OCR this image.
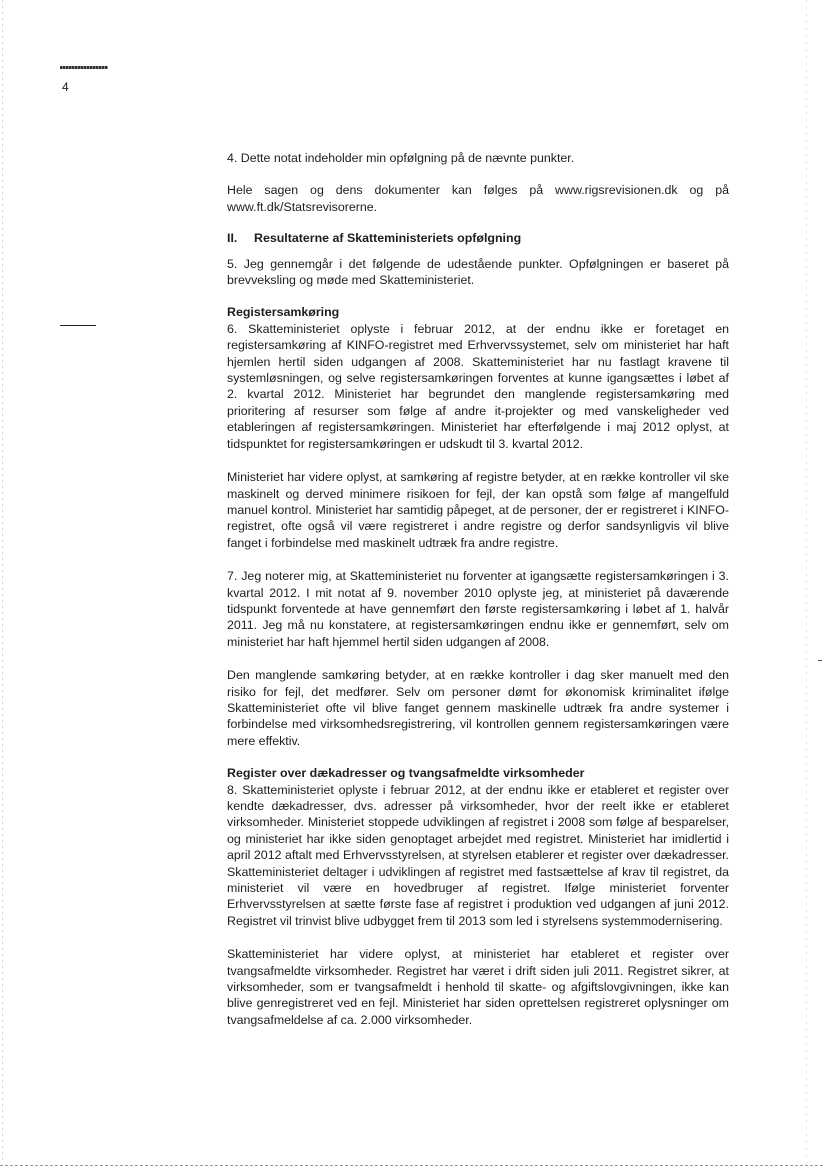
4

4. Dette notat indeholder min opfølgning på de nævnte punkter.

Hele sagen og dens dokumenter kan følges på www.rigsrevisionen.dk og på www.ft.dk/Statsrevisorerne.

II. Resultaterne af Skatteministeriets opfølgning

5. Jeg gennemgår i det følgende de udestående punkter. Opfølgningen er baseret på brevveksling og møde med Skatteministeriet.

Registersamkøring

6. Skatteministeriet oplyste i februar 2012, at der endnu ikke er foretaget en registersamkøring af KINFO-registret med Erhvervssystemet, selv om ministeriet har haft hjemlen hertil siden udgangen af 2008. Skatteministeriet har nu fastlagt kravene til systemløsningen, og selve registersamkøringen forventes at kunne igangsættes i løbet af 2. kvartal 2012. Ministeriet har begrundet den manglende registersamkøring med prioritering af resurser som følge af andre it-projekter og med vanskeligheder ved etableringen af registersamkøringen. Ministeriet har efterfølgende i maj 2012 oplyst, at tidspunktet for registersamkøringen er udskudt til 3. kvartal 2012.

Ministeriet har videre oplyst, at samkøring af registre betyder, at en række kontroller vil ske maskinelt og derved minimere risikoen for fejl, der kan opstå som følge af mangelfuld manuel kontrol. Ministeriet har samtidig påpeget, at de personer, der er registreret i KINFO-registret, ofte også vil være registreret i andre registre og derfor sandsynligvis vil blive fanget i forbindelse med maskinelt udtræk fra andre registre.

7. Jeg noterer mig, at Skatteministeriet nu forventer at igangsætte registersamkøringen i 3. kvartal 2012. I mit notat af 9. november 2010 oplyste jeg, at ministeriet på daværende tidspunkt forventede at have gennemført den første registersamkøring i løbet af 1. halvår 2011. Jeg må nu konstatere, at registersamkøringen endnu ikke er gennemført, selv om ministeriet har haft hjemmel hertil siden udgangen af 2008.

Den manglende samkøring betyder, at en række kontroller i dag sker manuelt med den risiko for fejl, det medfører. Selv om personer dømt for økonomisk kriminalitet ifølge Skatteministeriet ofte vil blive fanget gennem maskinelle udtræk fra andre systemer i forbindelse med virksomhedsregistrering, vil kontrollen gennem registersamkøringen være mere effektiv.

Register over dækadresser og tvangsafmeldte virksomheder

8. Skatteministeriet oplyste i februar 2012, at der endnu ikke er etableret et register over kendte dækadresser, dvs. adresser på virksomheder, hvor der reelt ikke er etableret virksomheder. Ministeriet stoppede udviklingen af registret i 2008 som følge af besparelser, og ministeriet har ikke siden genoptaget arbejdet med registret. Ministeriet har imidlertid i april 2012 aftalt med Erhvervsstyrelsen, at styrelsen etablerer et register over dækadresser. Skatteministeriet deltager i udviklingen af registret med fastsættelse af krav til registret, da ministeriet vil være en hovedbruger af registret. Ifølge ministeriet forventer Erhvervsstyrelsen at sætte første fase af registret i produktion ved udgangen af juni 2012. Registret vil trinvist blive udbygget frem til 2013 som led i styrelsens systemmodernisering.

Skatteministeriet har videre oplyst, at ministeriet har etableret et register over tvangsafmeldte virksomheder. Registret har været i drift siden juli 2011. Registret sikrer, at virksomheder, som er tvangsafmeldt i henhold til skatte- og afgiftslovgivningen, ikke kan blive genregistreret ved en fejl. Ministeriet har siden oprettelsen registreret oplysninger om tvangsafmeldelse af ca. 2.000 virksomheder.
